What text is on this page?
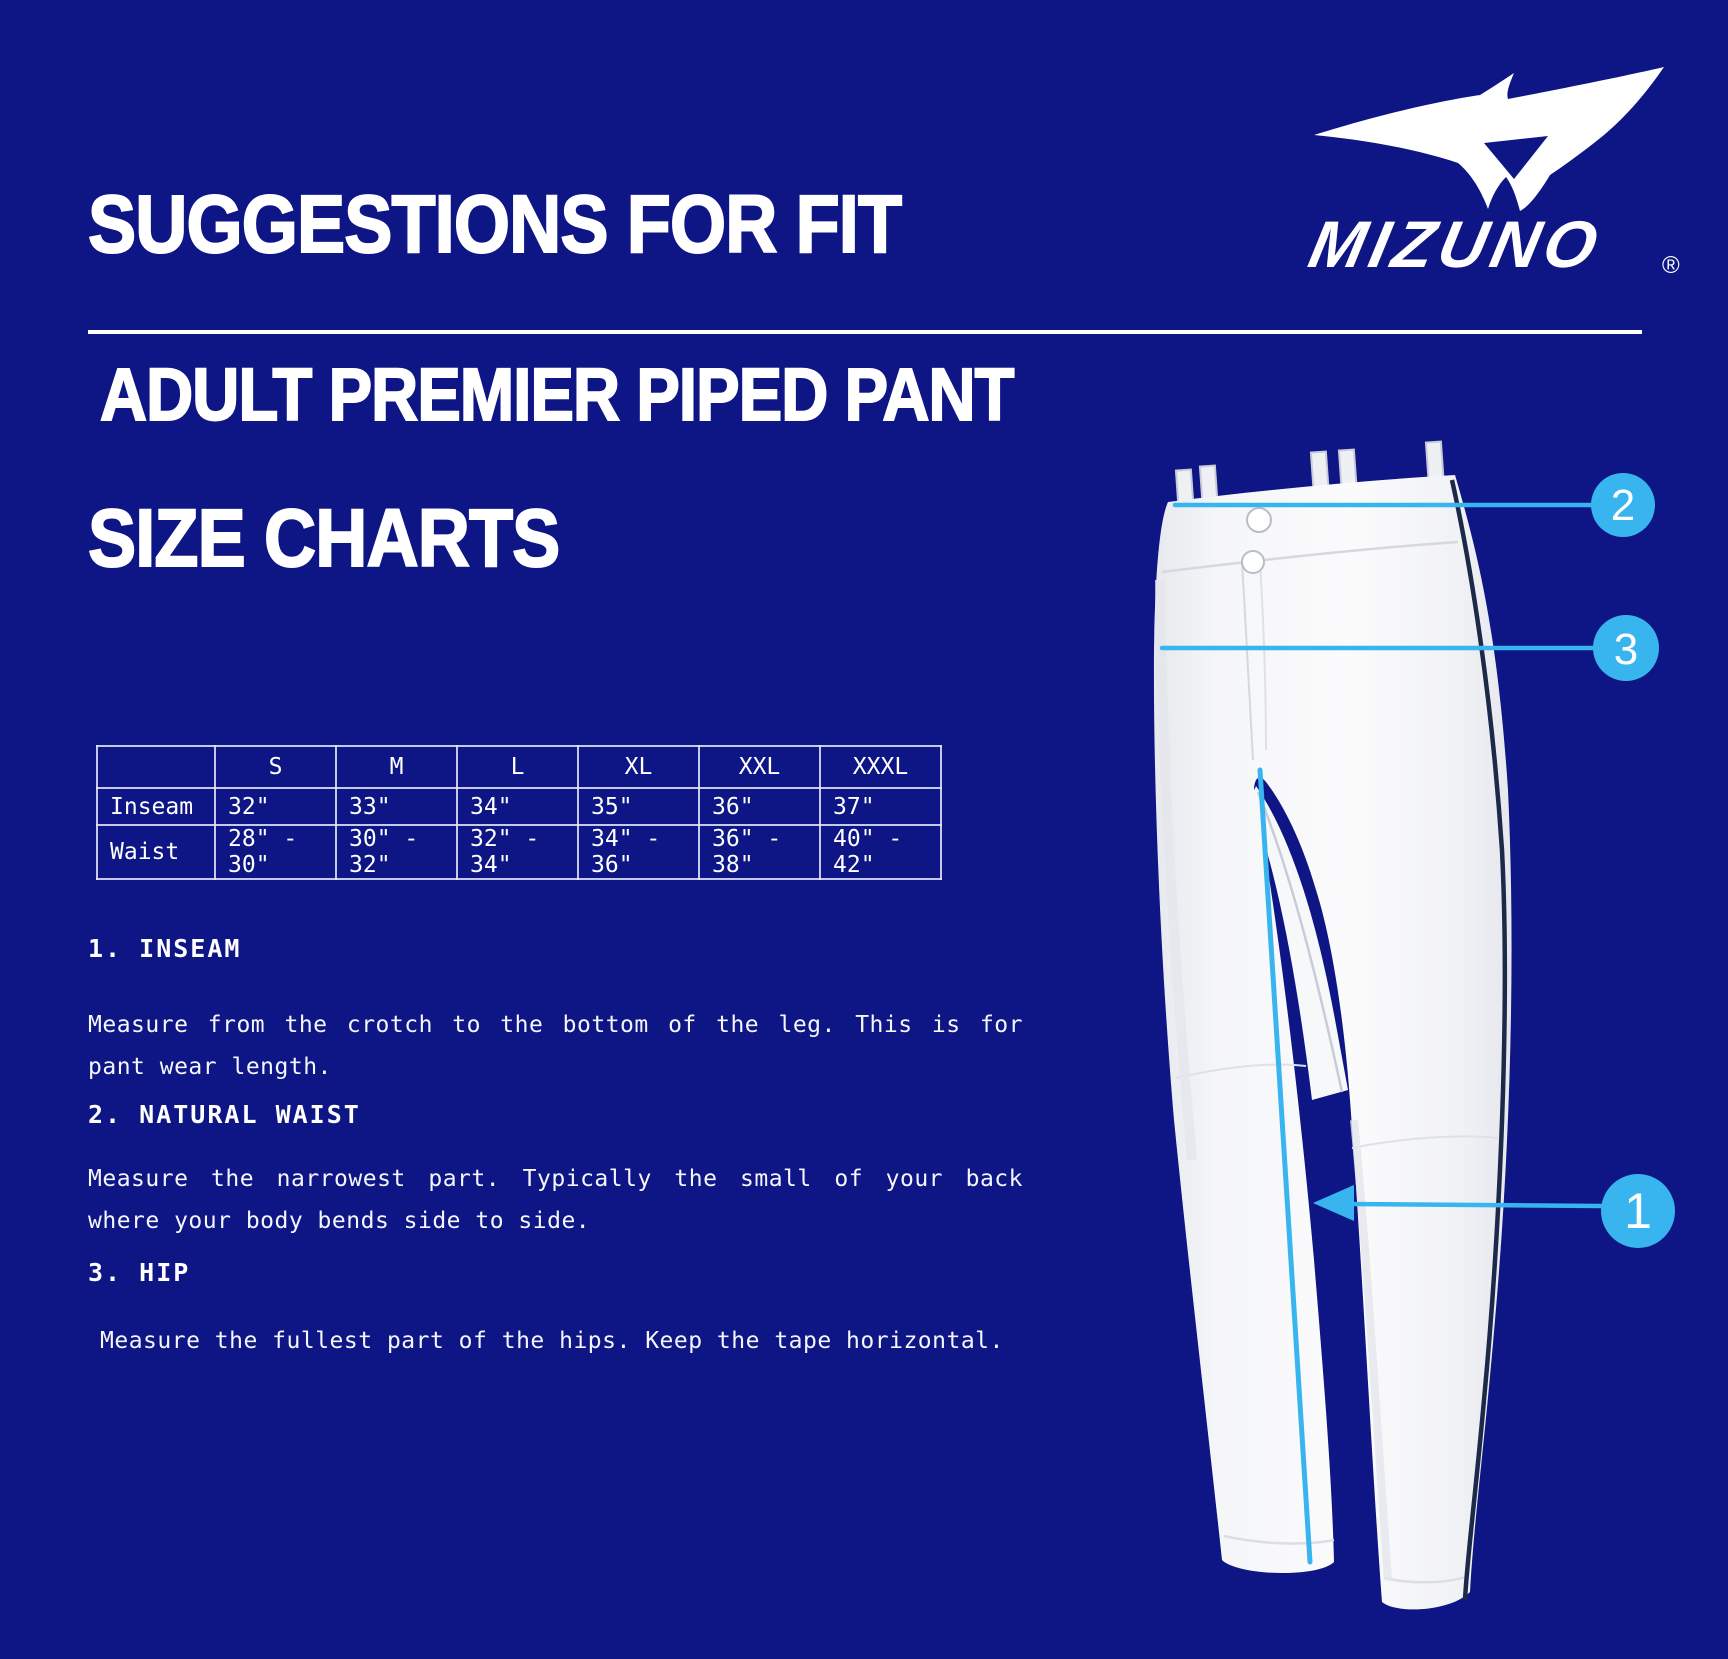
SUGGESTIONS FOR FIT
ADULT PREMIER PIPED PANT
SIZE CHARTS
MIZUNO ®
	S	M	L	XL	XXL	XXXL
Inseam	32"	33"	34"	35"	36"	37"
Waist	28" - 30"	30" - 32"	32" - 34"	34" - 36"	36" - 38"	40" - 42"
1. INSEAM
Measure from the crotch to the bottom of the leg. This is for pant wear length.
2. NATURAL WAIST
Measure the narrowest part. Typically the small of your back where your body bends side to side.
3. HIP
Measure the fullest part of the hips. Keep the tape horizontal.
1
2
3
